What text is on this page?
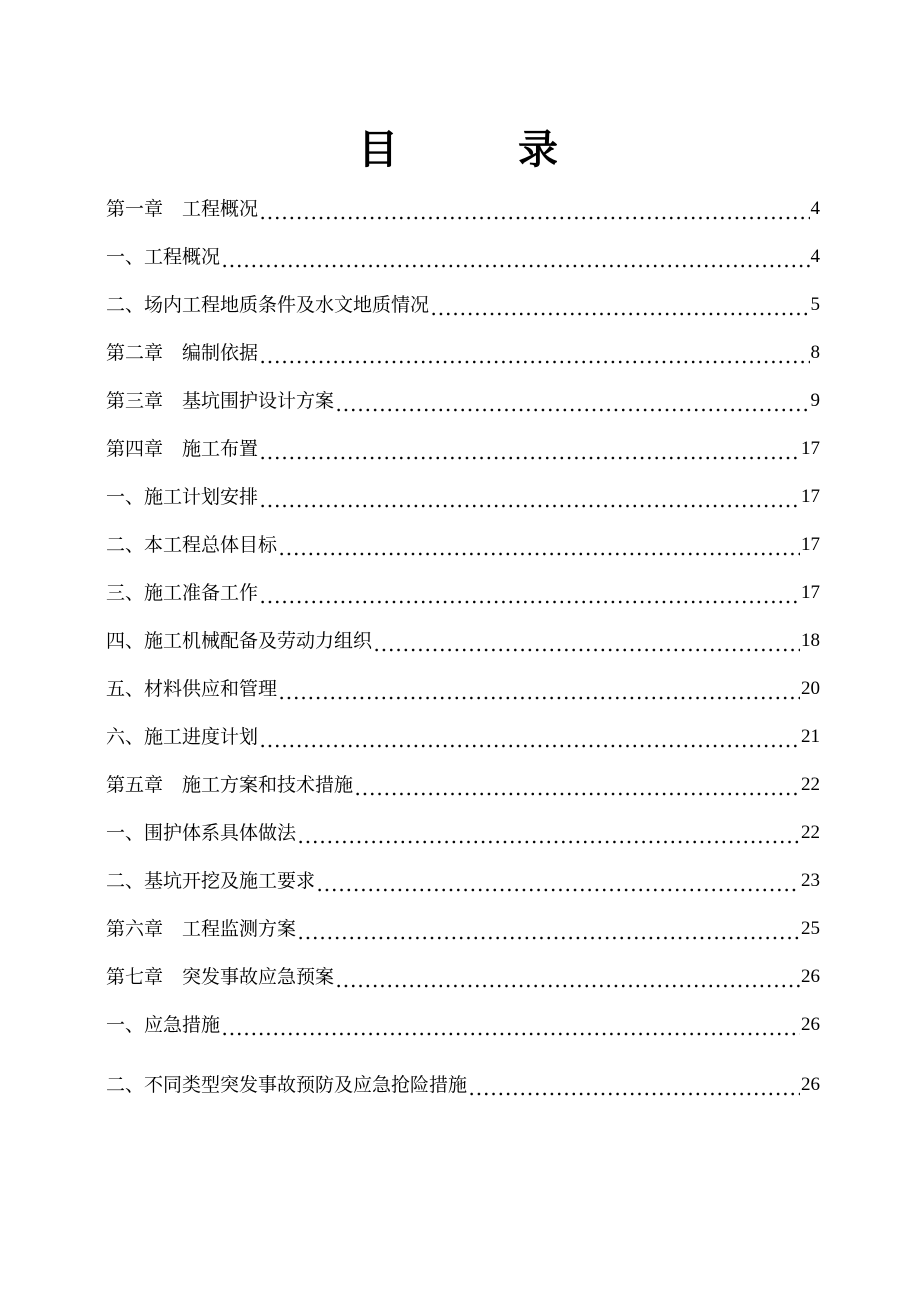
目	录
第一章　工程概况	4
一、工程概况	4
二、场内工程地质条件及水文地质情况	5
第二章　编制依据	8
第三章　基坑围护设计方案	9
第四章　施工布置	17
一、施工计划安排	17
二、本工程总体目标	17
三、施工准备工作	17
四、施工机械配备及劳动力组织	18
五、材料供应和管理	20
六、施工进度计划	21
第五章　施工方案和技术措施	22
一、围护体系具体做法	22
二、基坑开挖及施工要求	23
第六章　工程监测方案	25
第七章　突发事故应急预案	26
一、应急措施	26
二、不同类型突发事故预防及应急抢险措施	26
